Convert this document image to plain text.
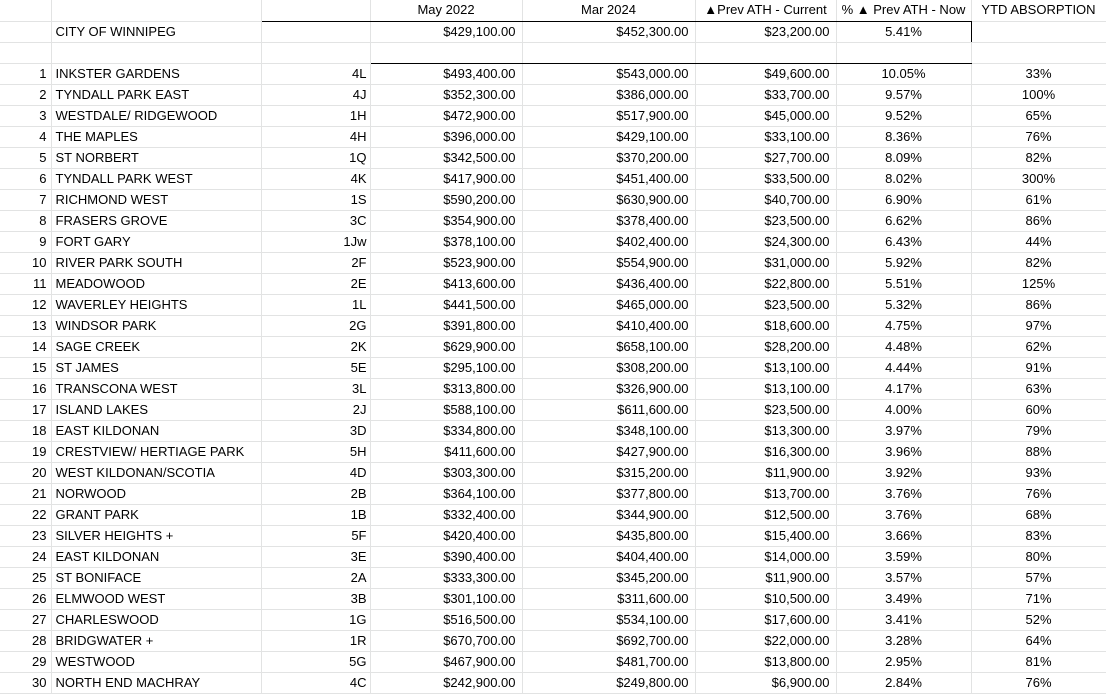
			May 2022	Mar 2024	▲Prev ATH - Current	% ▲ Prev ATH - Now	YTD ABSORPTION
	CITY OF WINNIPEG		$429,100.00	$452,300.00	$23,200.00	5.41%	

1	INKSTER GARDENS	4L	$493,400.00	$543,000.00	$49,600.00	10.05%	33%
2	TYNDALL PARK EAST	4J	$352,300.00	$386,000.00	$33,700.00	9.57%	100%
3	WESTDALE/ RIDGEWOOD	1H	$472,900.00	$517,900.00	$45,000.00	9.52%	65%
4	THE MAPLES	4H	$396,000.00	$429,100.00	$33,100.00	8.36%	76%
5	ST NORBERT	1Q	$342,500.00	$370,200.00	$27,700.00	8.09%	82%
6	TYNDALL PARK WEST	4K	$417,900.00	$451,400.00	$33,500.00	8.02%	300%
7	RICHMOND WEST	1S	$590,200.00	$630,900.00	$40,700.00	6.90%	61%
8	FRASERS GROVE	3C	$354,900.00	$378,400.00	$23,500.00	6.62%	86%
9	FORT GARY	1Jw	$378,100.00	$402,400.00	$24,300.00	6.43%	44%
10	RIVER PARK SOUTH	2F	$523,900.00	$554,900.00	$31,000.00	5.92%	82%
11	MEADOWOOD	2E	$413,600.00	$436,400.00	$22,800.00	5.51%	125%
12	WAVERLEY HEIGHTS	1L	$441,500.00	$465,000.00	$23,500.00	5.32%	86%
13	WINDSOR PARK	2G	$391,800.00	$410,400.00	$18,600.00	4.75%	97%
14	SAGE CREEK	2K	$629,900.00	$658,100.00	$28,200.00	4.48%	62%
15	ST JAMES	5E	$295,100.00	$308,200.00	$13,100.00	4.44%	91%
16	TRANSCONA WEST	3L	$313,800.00	$326,900.00	$13,100.00	4.17%	63%
17	ISLAND LAKES	2J	$588,100.00	$611,600.00	$23,500.00	4.00%	60%
18	EAST KILDONAN	3D	$334,800.00	$348,100.00	$13,300.00	3.97%	79%
19	CRESTVIEW/ HERTIAGE PARK	5H	$411,600.00	$427,900.00	$16,300.00	3.96%	88%
20	WEST KILDONAN/SCOTIA	4D	$303,300.00	$315,200.00	$11,900.00	3.92%	93%
21	NORWOOD	2B	$364,100.00	$377,800.00	$13,700.00	3.76%	76%
22	GRANT PARK	1B	$332,400.00	$344,900.00	$12,500.00	3.76%	68%
23	SILVER HEIGHTS +	5F	$420,400.00	$435,800.00	$15,400.00	3.66%	83%
24	EAST KILDONAN	3E	$390,400.00	$404,400.00	$14,000.00	3.59%	80%
25	ST BONIFACE	2A	$333,300.00	$345,200.00	$11,900.00	3.57%	57%
26	ELMWOOD WEST	3B	$301,100.00	$311,600.00	$10,500.00	3.49%	71%
27	CHARLESWOOD	1G	$516,500.00	$534,100.00	$17,600.00	3.41%	52%
28	BRIDGWATER +	1R	$670,700.00	$692,700.00	$22,000.00	3.28%	64%
29	WESTWOOD	5G	$467,900.00	$481,700.00	$13,800.00	2.95%	81%
30	NORTH END MACHRAY	4C	$242,900.00	$249,800.00	$6,900.00	2.84%	76%
